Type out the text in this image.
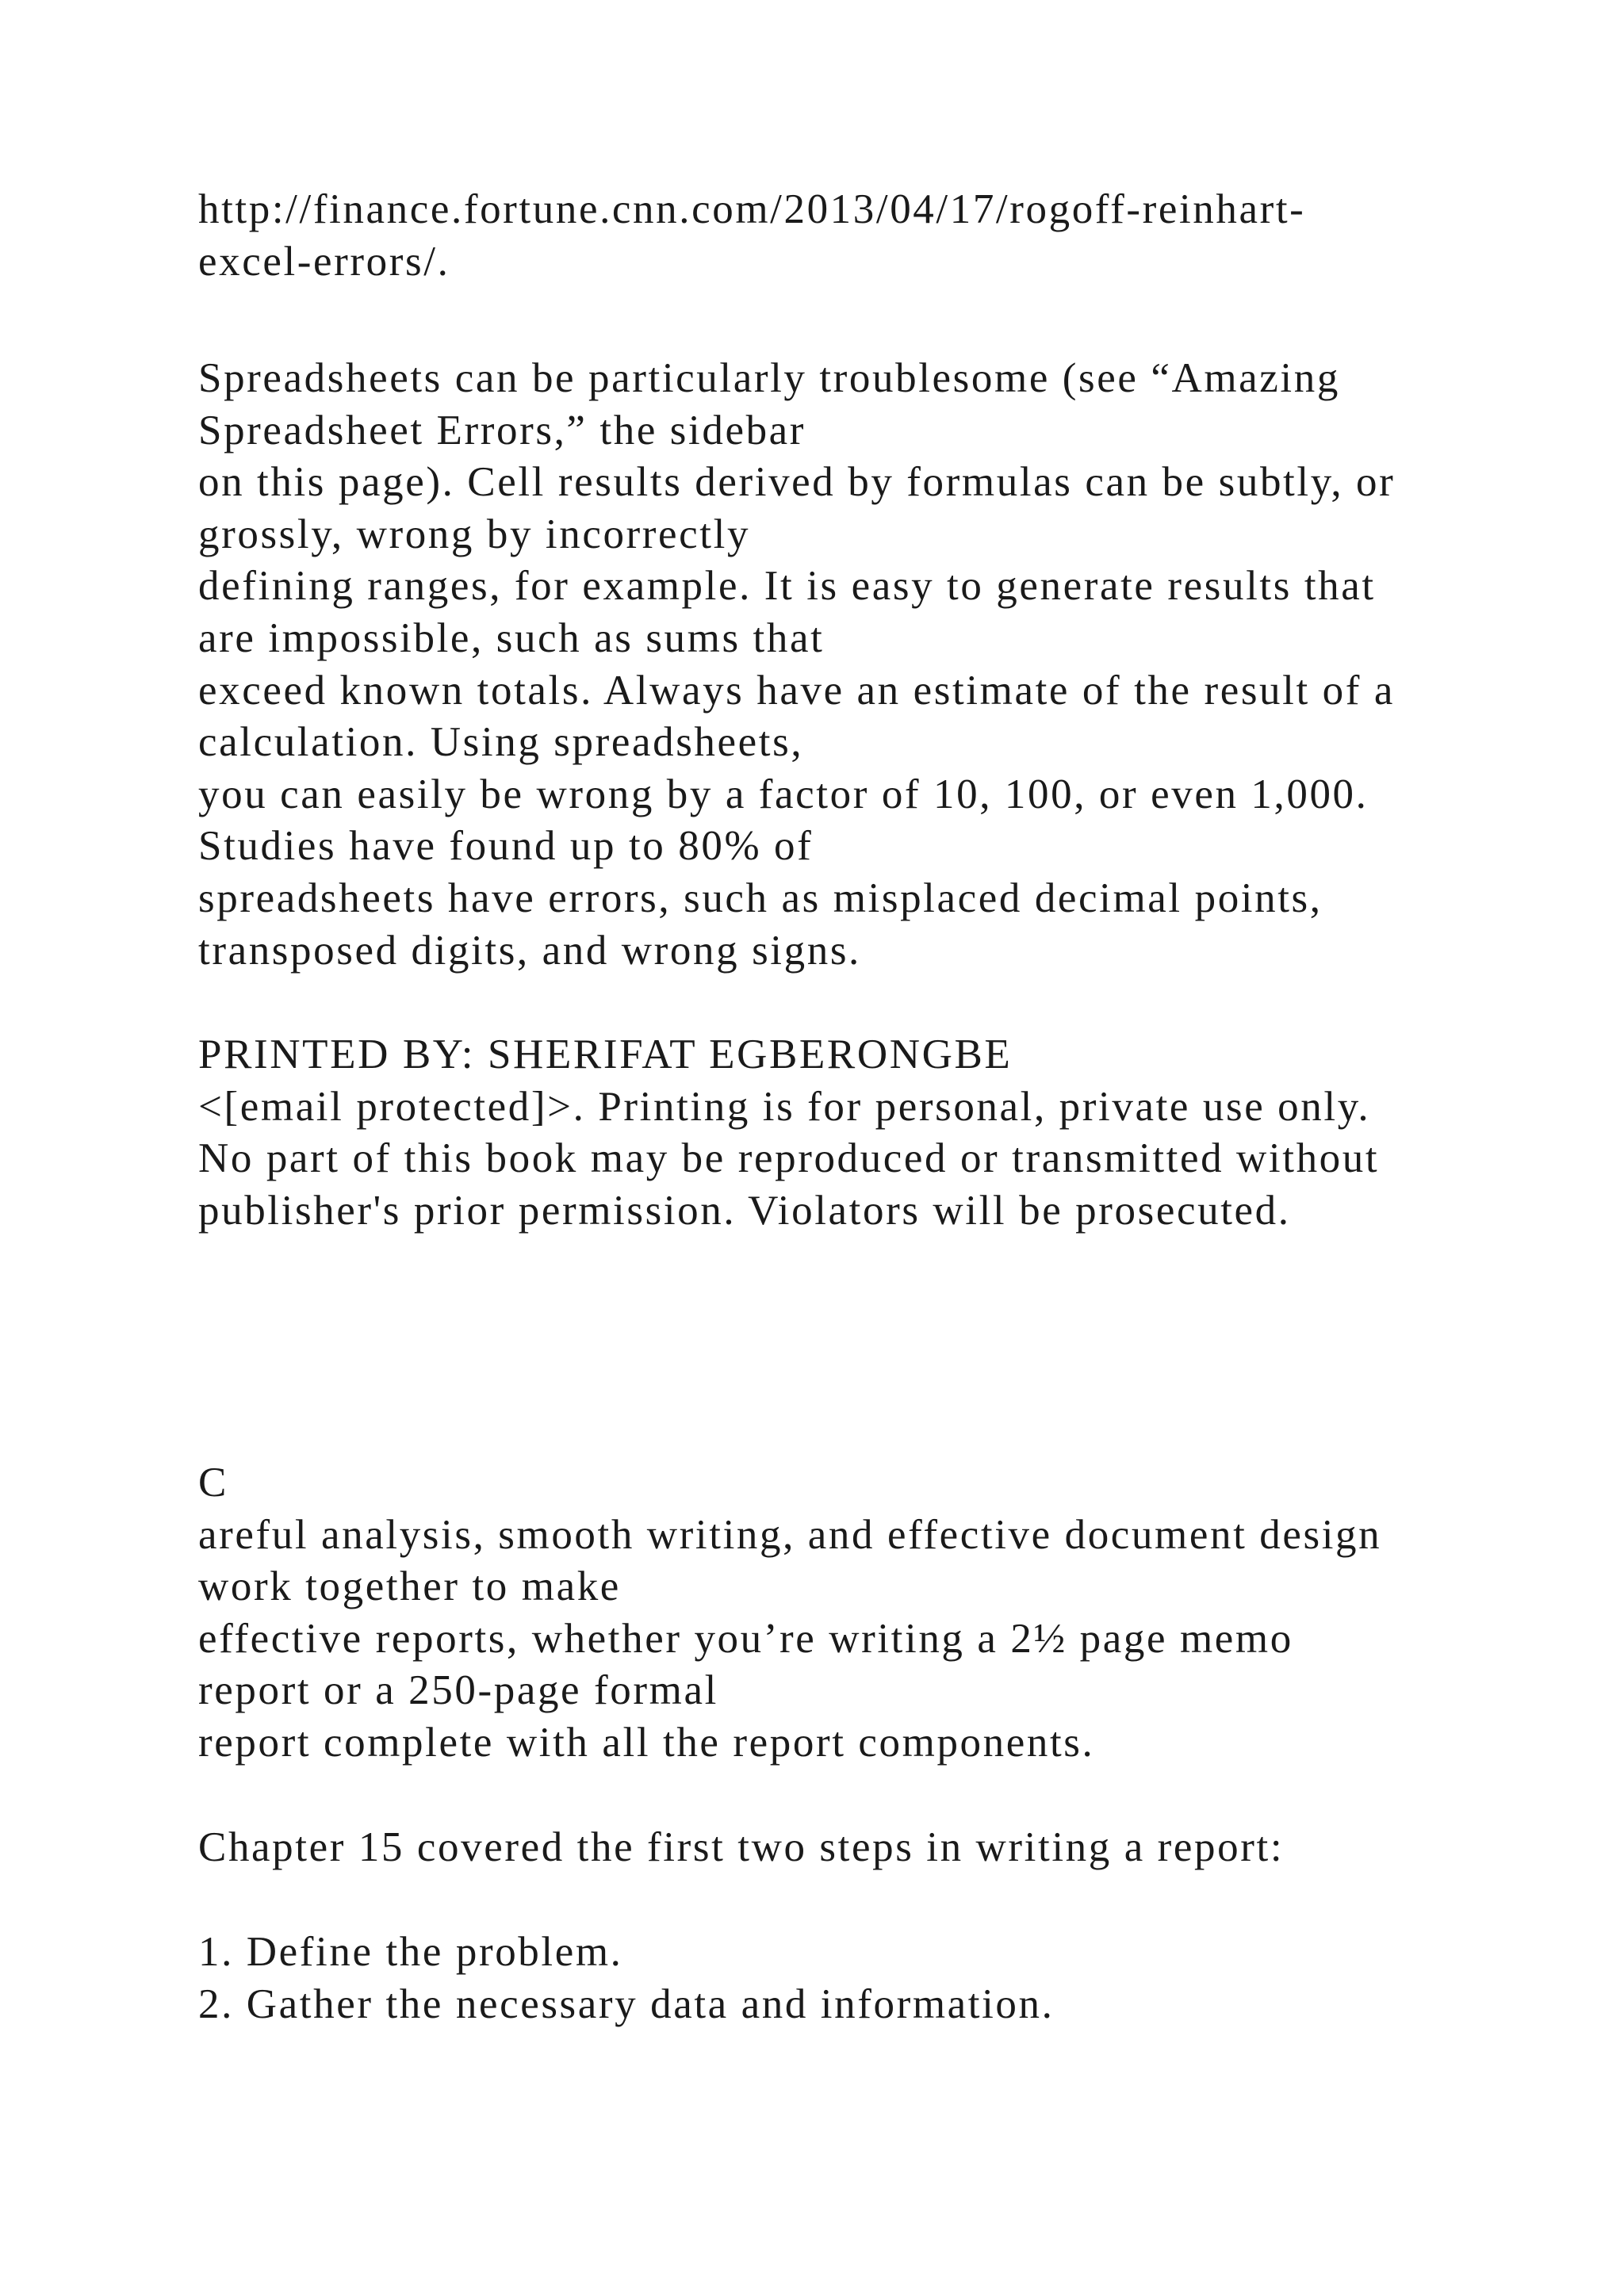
http://finance.fortune.cnn.com/2013/04/17/rogoff-reinhart-
excel-errors/.

Spreadsheets can be particularly troublesome (see “Amazing
Spreadsheet Errors,” the sidebar
on this page). Cell results derived by formulas can be subtly, or
grossly, wrong by incorrectly
defining ranges, for example. It is easy to generate results that
are impossible, such as sums that
exceed known totals. Always have an estimate of the result of a
calculation. Using spreadsheets,
you can easily be wrong by a factor of 10, 100, or even 1,000.
Studies have found up to 80% of
spreadsheets have errors, such as misplaced decimal points,
transposed digits, and wrong signs.

PRINTED BY: SHERIFAT EGBERONGBE
<[email protected]>. Printing is for personal, private use only.
No part of this book may be reproduced or transmitted without
publisher's prior permission. Violators will be prosecuted.

C
areful analysis, smooth writing, and effective document design
work together to make
effective reports, whether you’re writing a 2½ page memo
report or a 250-page formal
report complete with all the report components.

Chapter 15 covered the first two steps in writing a report:

1. Define the problem.
2. Gather the necessary data and information.
